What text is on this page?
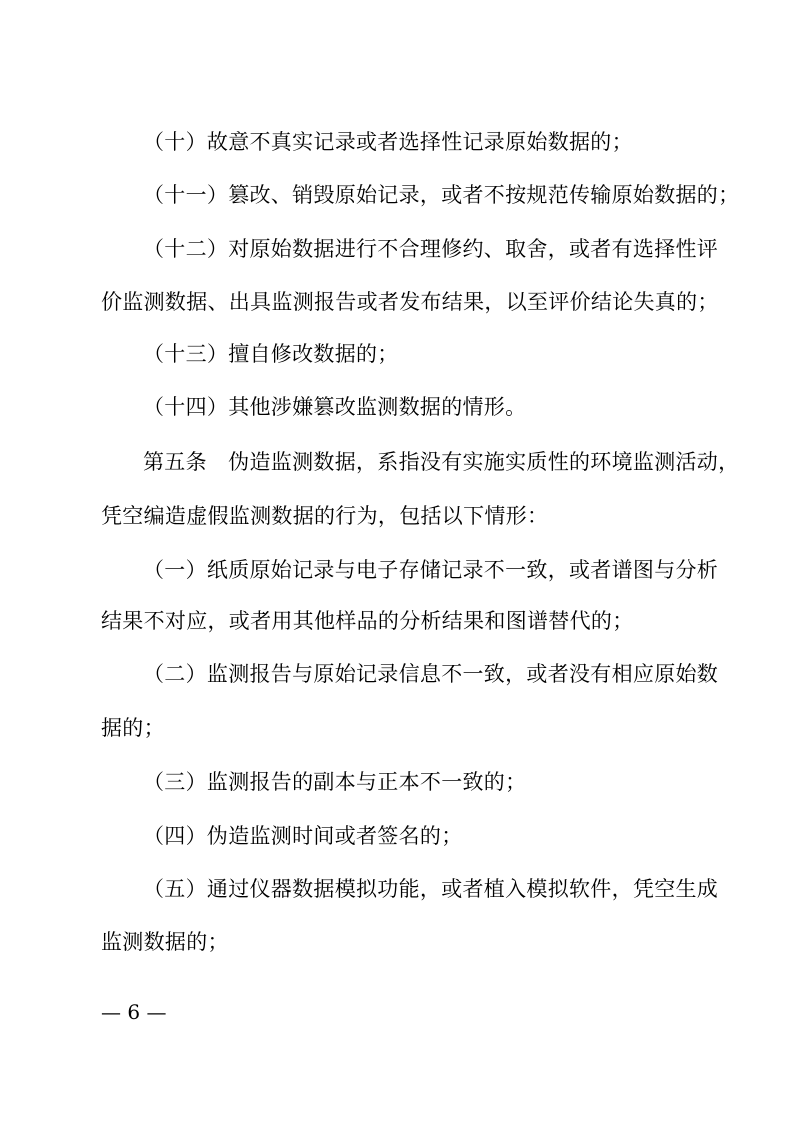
（十）故意不真实记录或者选择性记录原始数据的；
（十一）篡改、销毁原始记录，或者不按规范传输原始数据的；
（十二）对原始数据进行不合理修约、取舍，或者有选择性评
价监测数据、出具监测报告或者发布结果，以至评价结论失真的；
（十三）擅自修改数据的；
（十四）其他涉嫌篡改监测数据的情形。
第五条　伪造监测数据，系指没有实施实质性的环境监测活动，
凭空编造虚假监测数据的行为，包括以下情形：
（一）纸质原始记录与电子存储记录不一致，或者谱图与分析
结果不对应，或者用其他样品的分析结果和图谱替代的；
（二）监测报告与原始记录信息不一致，或者没有相应原始数
据的；
（三）监测报告的副本与正本不一致的；
（四）伪造监测时间或者签名的；
（五）通过仪器数据模拟功能，或者植入模拟软件，凭空生成
监测数据的；
— 6 —
